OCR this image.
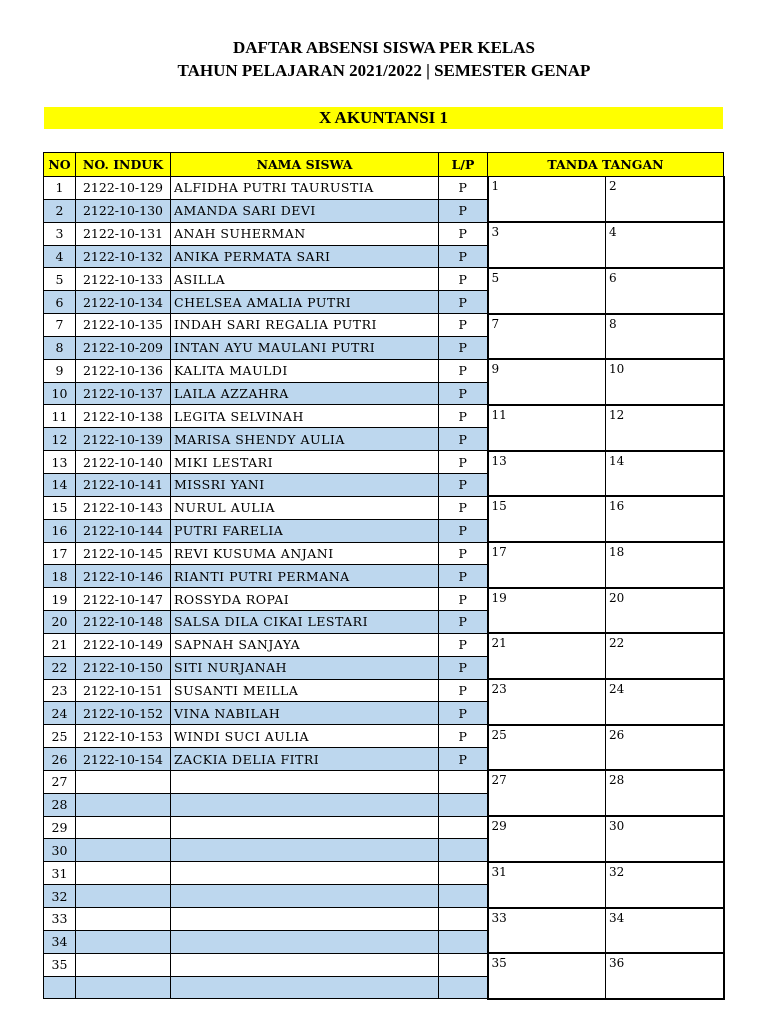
DAFTAR ABSENSI SISWA PER KELAS
TAHUN PELAJARAN 2021/2022 | SEMESTER GENAP
X AKUNTANSI 1
NO	NO. INDUK	NAMA SISWA	L/P	TANDA TANGAN	
1	2122-10-129	ALFIDHA PUTRI TAURUSTIA	P	1	2
2	2122-10-130	AMANDA SARI DEVI	P		
3	2122-10-131	ANAH SUHERMAN	P	3	4
4	2122-10-132	ANIKA PERMATA SARI	P		
5	2122-10-133	ASILLA	P	5	6
6	2122-10-134	CHELSEA AMALIA PUTRI	P		
7	2122-10-135	INDAH SARI REGALIA PUTRI	P	7	8
8	2122-10-209	INTAN AYU MAULANI PUTRI	P		
9	2122-10-136	KALITA MAULDI	P	9	10
10	2122-10-137	LAILA AZZAHRA	P		
11	2122-10-138	LEGITA SELVINAH	P	11	12
12	2122-10-139	MARISA SHENDY AULIA	P		
13	2122-10-140	MIKI LESTARI	P	13	14
14	2122-10-141	MISSRI YANI	P		
15	2122-10-143	NURUL AULIA	P	15	16
16	2122-10-144	PUTRI FARELIA	P		
17	2122-10-145	REVI KUSUMA ANJANI	P	17	18
18	2122-10-146	RIANTI PUTRI PERMANA	P		
19	2122-10-147	ROSSYDA ROPAI	P	19	20
20	2122-10-148	SALSA DILA CIKAI LESTARI	P		
21	2122-10-149	SAPNAH SANJAYA	P	21	22
22	2122-10-150	SITI NURJANAH	P		
23	2122-10-151	SUSANTI MEILLA	P	23	24
24	2122-10-152	VINA NABILAH	P		
25	2122-10-153	WINDI SUCI AULIA	P	25	26
26	2122-10-154	ZACKIA DELIA FITRI	P		
27				27	28
28					
29				29	30
30					
31				31	32
32					
33				33	34
34					
35				35	36
